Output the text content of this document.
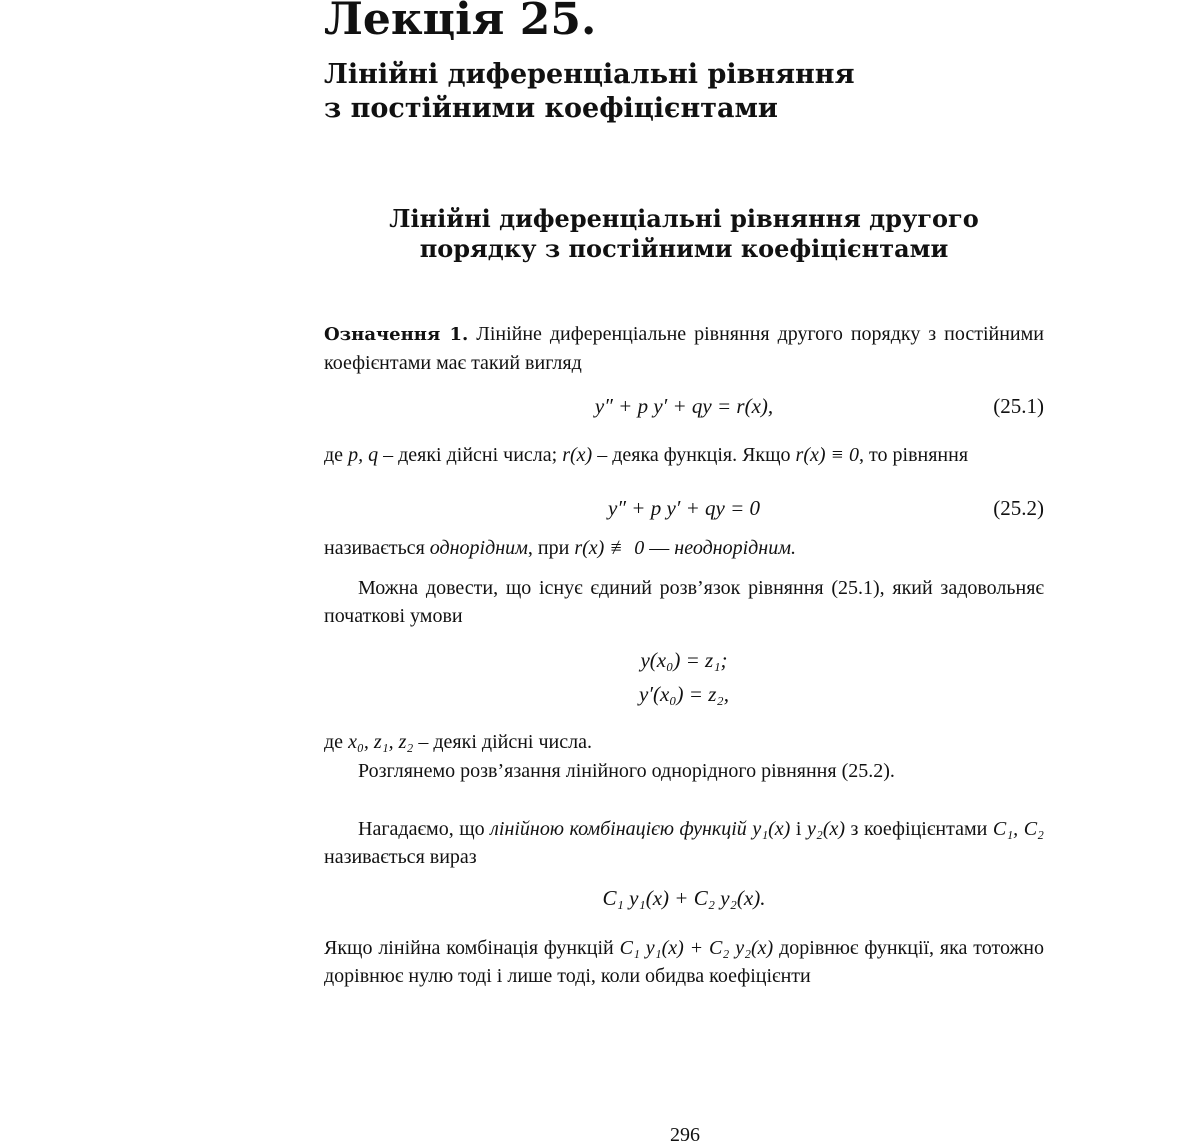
Лекція 25.
Лінійні диференціальні рівняння
з постійними коефіцієнтами
Лінійні диференціальні рівняння другого
порядку з постійними коефіцієнтами

Означення 1. Лінійне диференціальне рівняння другого порядку з постійними коефієнтами має такий вигляд

y″ + p y′ + qy = r(x),	(25.1)

де p, q – деякі дійсні числа; r(x) – деяка функція. Якщо r(x) ≡ 0, то рівняння

y″ + p y′ + qy = 0	(25.2)

називається однорідним, при r(x) ≢ 0 — неоднорідним.

Можна довести, що існує єдиний розв’язок рівняння (25.1), який задовольняє початкові умови

y(x₀) = z₁;
y′(x₀) = z₂,

де x₀, z₁, z₂ – деякі дійсні числа.

Розглянемо розв’язання лінійного однорідного рівняння (25.2).

Нагадаємо, що лінійною комбінацією функцій y₁(x) і y₂(x) з коефіцієнтами C₁, C₂ називається вираз

C₁ y₁(x) + C₂ y₂(x).

Якщо лінійна комбінація функцій C₁ y₁(x) + C₂ y₂(x) дорівнює функції, яка тотожно дорівнює нулю тоді і лише тоді, коли обидва коефіцієнти

296
